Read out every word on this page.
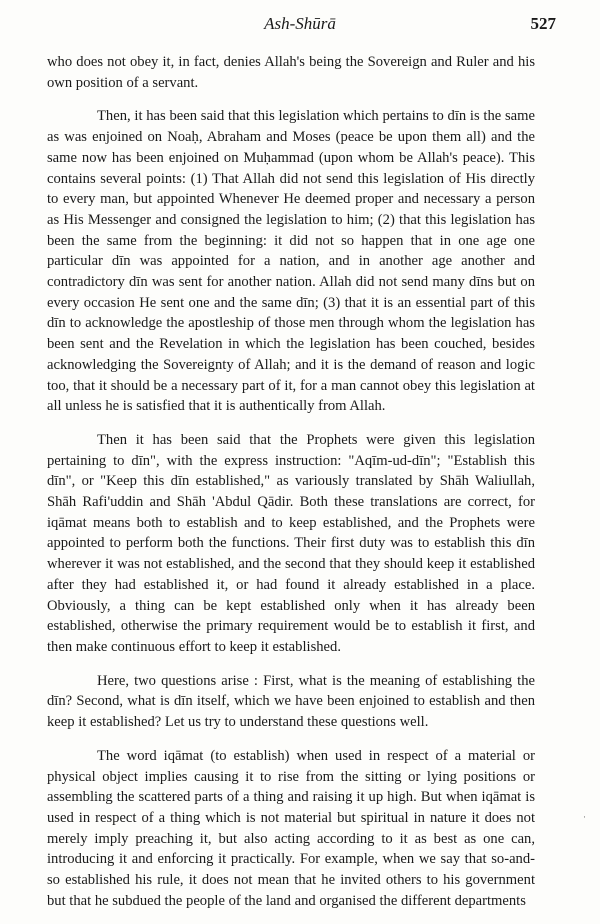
Ash-Shūrā	527

who does not obey it, in fact, denies Allah's being the Sovereign and Ruler and his own position of a servant.

Then, it has been said that this legislation which pertains to dīn is the same as was enjoined on Noaḥ, Abraham and Moses (peace be upon them all) and the same now has been enjoined on Muḥammad (upon whom be Allah's peace). This contains several points: (1) That Allah did not send this legislation of His directly to every man, but appointed Whenever He deemed proper and necessary a person as His Messenger and consigned the legislation to him; (2) that this legislation has been the same from the beginning: it did not so happen that in one age one particular dīn was appointed for a nation, and in another age another and contradictory dīn was sent for another nation. Allah did not send many dīns but on every occasion He sent one and the same dīn; (3) that it is an essential part of this dīn to acknowledge the apostleship of those men through whom the legislation has been sent and the Revelation in which the legislation has been couched, besides acknowledging the Sovereignty of Allah; and it is the demand of reason and logic too, that it should be a necessary part of it, for a man cannot obey this legislation at all unless he is satisfied that it is authentically from Allah.

Then it has been said that the Prophets were given this legislation pertaining to dīn", with the express instruction: "Aqīm-ud-dīn"; "Establish this dīn", or "Keep this dīn established," as variously translated by Shāh Waliullah, Shāh Rafi'uddin and Shāh 'Abdul Qādir. Both these translations are correct, for iqāmat means both to establish and to keep established, and the Prophets were appointed to perform both the functions. Their first duty was to establish this dīn wherever it was not established, and the second that they should keep it established after they had established it, or had found it already established in a place. Obviously, a thing can be kept established only when it has already been established, otherwise the primary requirement would be to establish it first, and then make continuous effort to keep it established.

Here, two questions arise : First, what is the meaning of establishing the dīn? Second, what is dīn itself, which we have been enjoined to establish and then keep it established? Let us try to understand these questions well.

The word iqāmat (to establish) when used in respect of a material or physical object implies causing it to rise from the sitting or lying positions or assembling the scattered parts of a thing and raising it up high. But when iqāmat is used in respect of a thing which is not material but spiritual in nature it does not merely imply preaching it, but also acting according to it as best as one can, introducing it and enforcing it practically. For example, when we say that so-and-so established his rule, it does not mean that he invited others to his government but that he subdued the people of the land and organised the different departments

·
